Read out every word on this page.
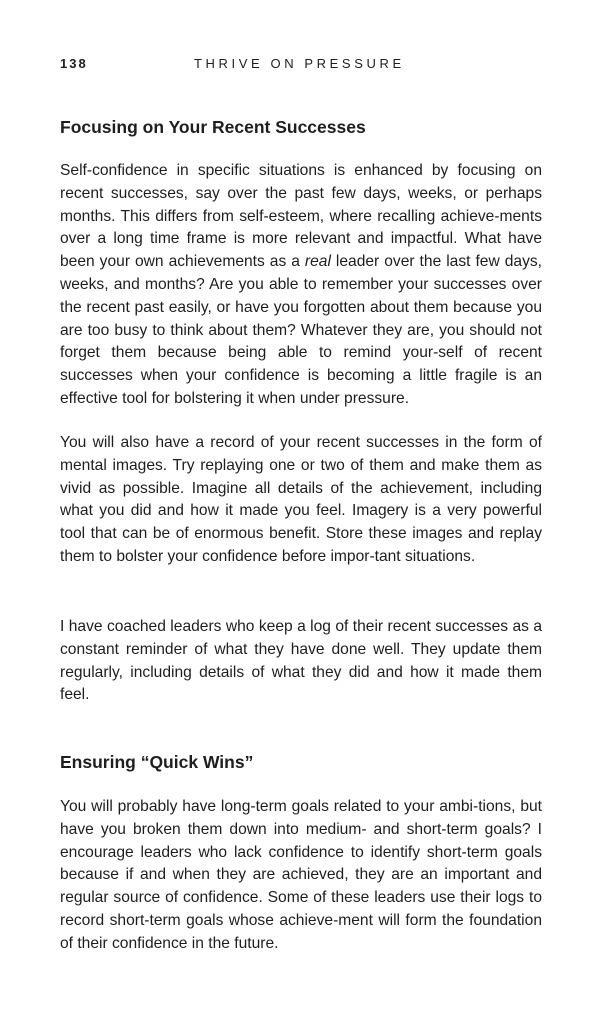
138	THRIVE ON PRESSURE
Focusing on Your Recent Successes

Self-confidence in specific situations is enhanced by focusing on recent successes, say over the past few days, weeks, or perhaps months. This differs from self-esteem, where recalling achieve-ments over a long time frame is more relevant and impactful. What have been your own achievements as a real leader over the last few days, weeks, and months? Are you able to remember your successes over the recent past easily, or have you forgotten about them because you are too busy to think about them? Whatever they are, you should not forget them because being able to remind your-self of recent successes when your confidence is becoming a little fragile is an effective tool for bolstering it when under pressure.

You will also have a record of your recent successes in the form of mental images. Try replaying one or two of them and make them as vivid as possible. Imagine all details of the achievement, including what you did and how it made you feel. Imagery is a very powerful tool that can be of enormous benefit. Store these images and replay them to bolster your confidence before impor-tant situations.

I have coached leaders who keep a log of their recent successes as a constant reminder of what they have done well. They update them regularly, including details of what they did and how it made them feel.

Ensuring “Quick Wins”

You will probably have long-term goals related to your ambi-tions, but have you broken them down into medium- and short-term goals? I encourage leaders who lack confidence to identify short-term goals because if and when they are achieved, they are an important and regular source of confidence. Some of these leaders use their logs to record short-term goals whose achieve-ment will form the foundation of their confidence in the future.
